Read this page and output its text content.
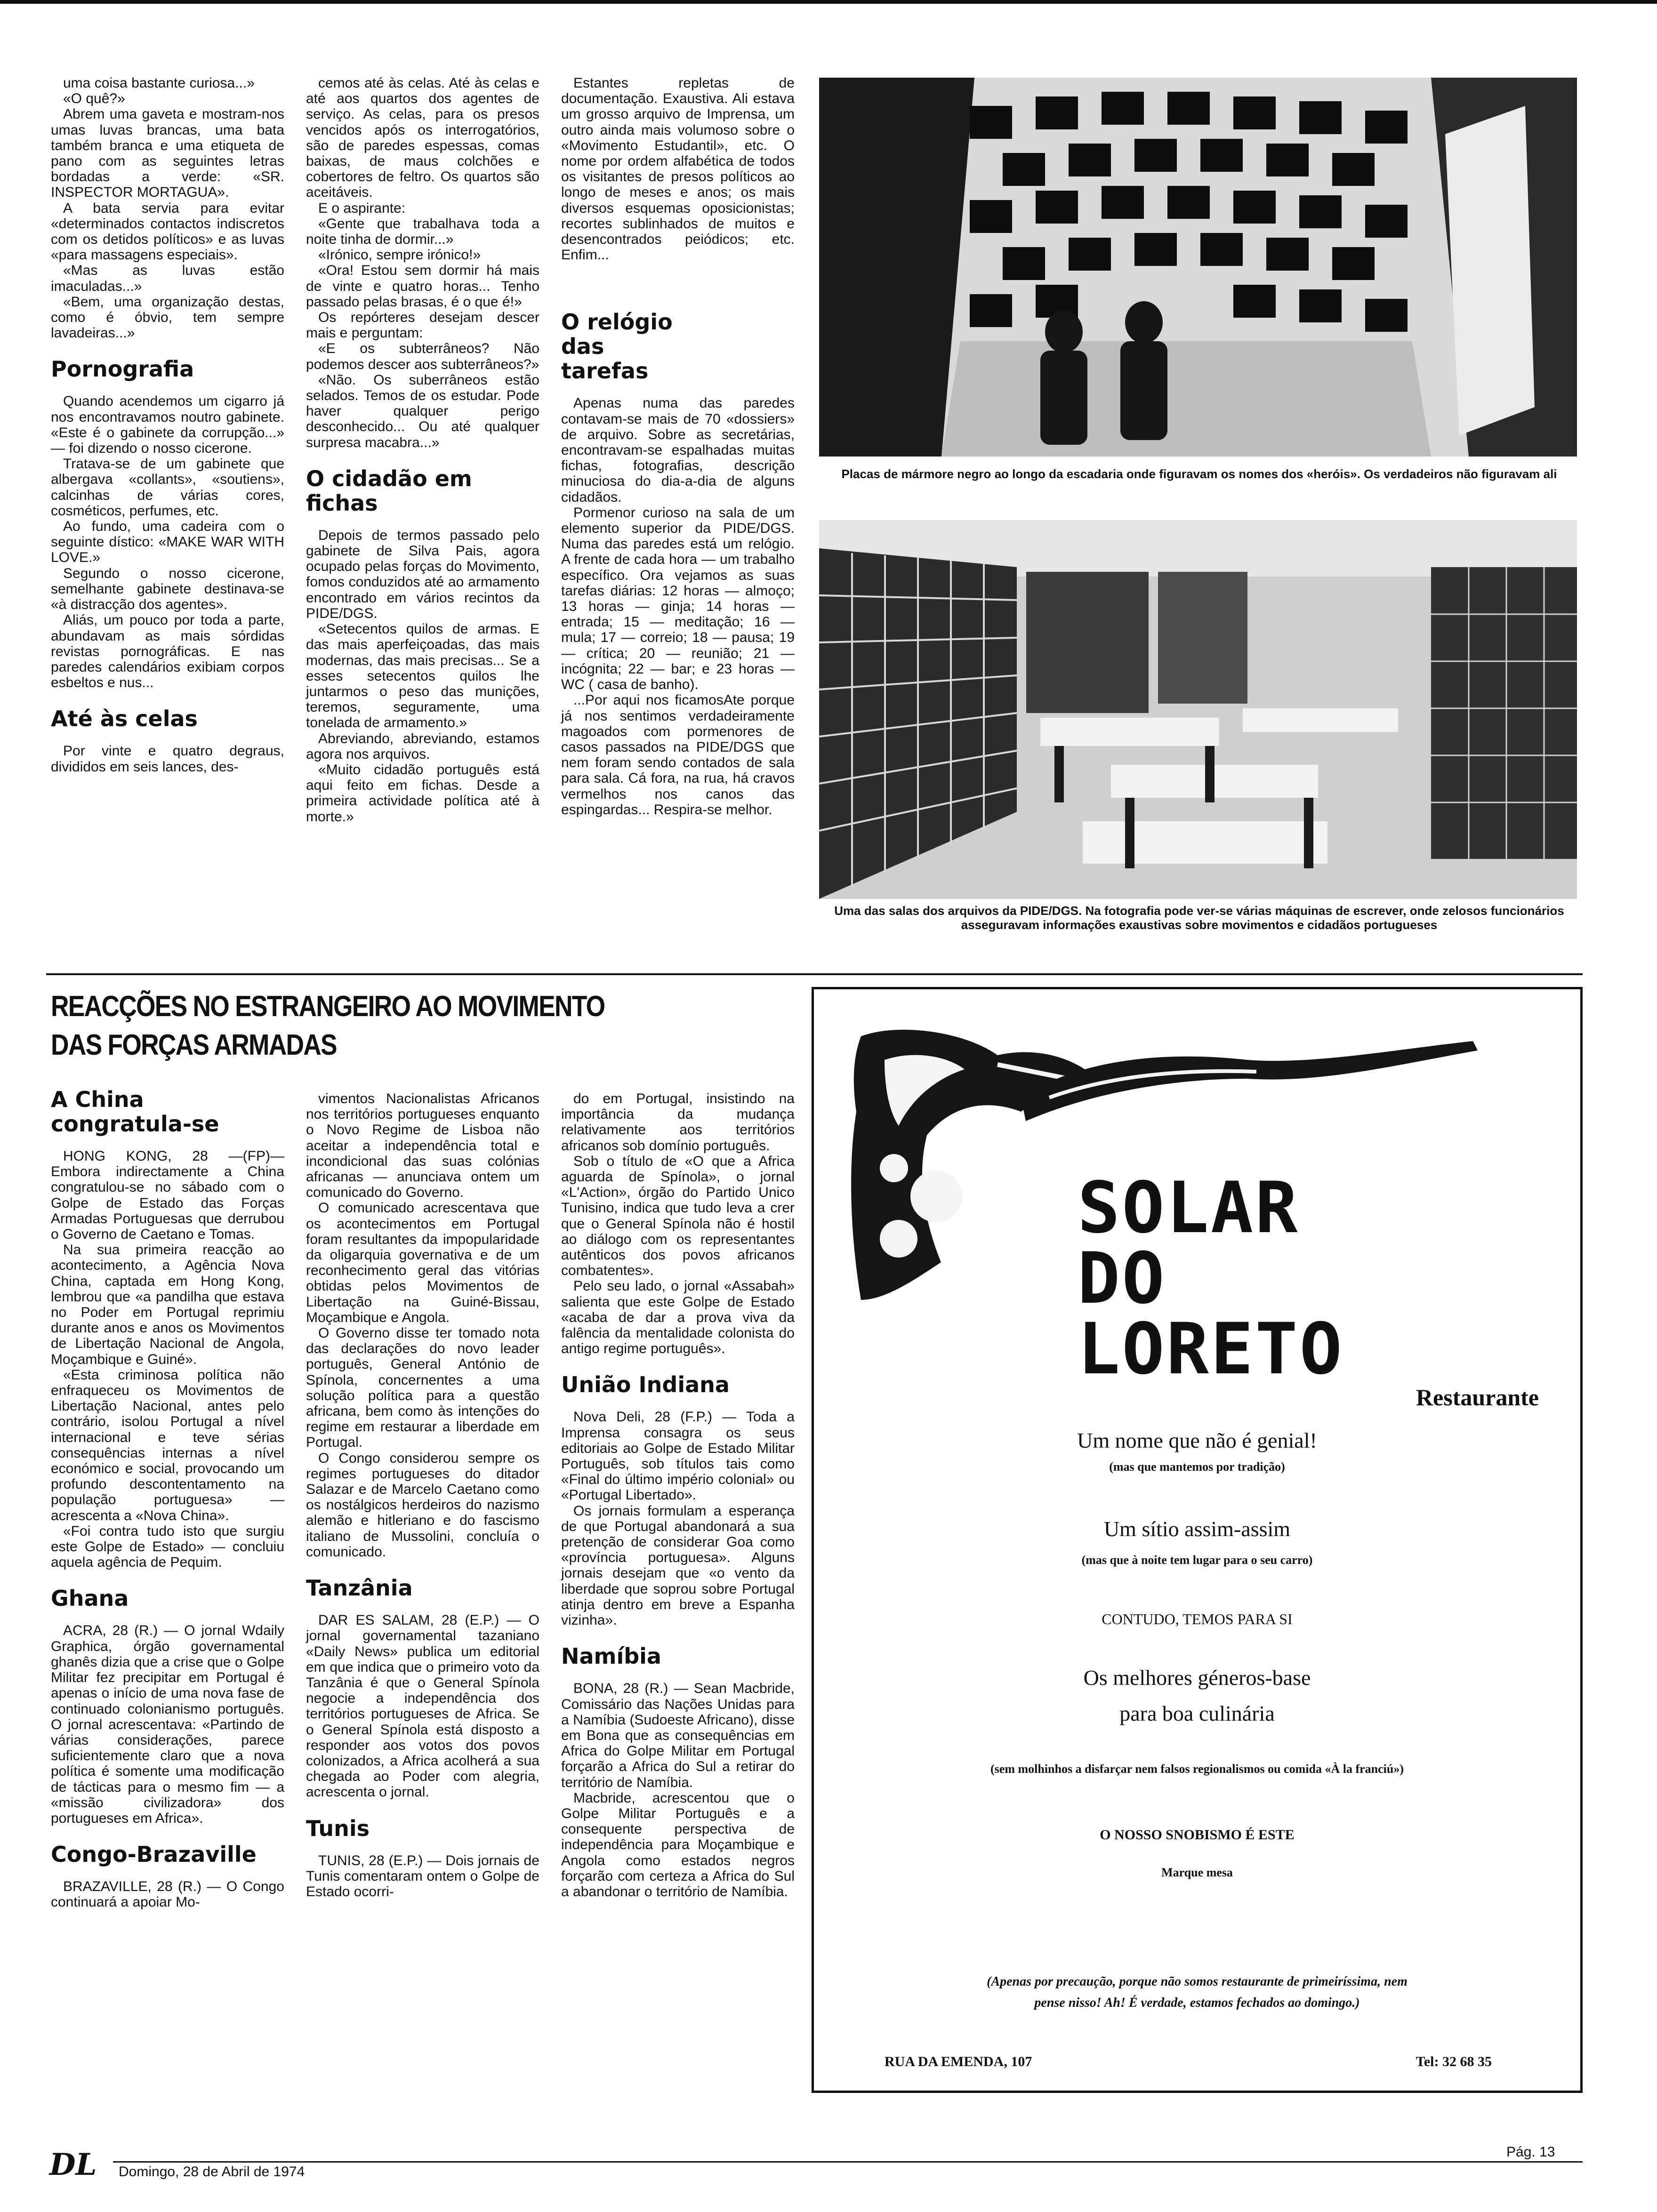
uma coisa bastante curiosa...»

«O quê?»

Abrem uma gaveta e mostram-nos umas luvas brancas, uma bata também branca e uma etiqueta de pano com as seguintes letras bordadas a verde: «SR. INSPECTOR MORTAGUA».

A bata servia para evitar «determinados contactos indiscretos com os detidos políticos» e as luvas «para massagens especiais».

«Mas as luvas estão imaculadas...»

«Bem, uma organização destas, como é óbvio, tem sempre lavadeiras...»

Pornografia

Quando acendemos um cigarro já nos encontravamos noutro gabinete. «Este é o gabinete da corrupção...» — foi dizendo o nosso cicerone.

Tratava-se de um gabinete que albergava «collants», «soutiens», calcinhas de várias cores, cosméticos, perfumes, etc.

Ao fundo, uma cadeira com o seguinte dístico: «MAKE WAR WITH LOVE.»

Segundo o nosso cicerone, semelhante gabinete destinava-se «à distracção dos agentes».

Aliás, um pouco por toda a parte, abundavam as mais sórdidas revistas pornográficas. E nas paredes calendários exibiam corpos esbeltos e nus...

Até às celas

Por vinte e quatro degraus, divididos em seis lances, des-

cemos até às celas. Até às celas e até aos quartos dos agentes de serviço. As celas, para os presos vencidos após os interrogatórios, são de paredes espessas, comas baixas, de maus colchões e cobertores de feltro. Os quartos são aceitáveis.

E o aspirante:

«Gente que trabalhava toda a noite tinha de dormir...»

«Irónico, sempre irónico!»

«Ora! Estou sem dormir há mais de vinte e quatro horas... Tenho passado pelas brasas, é o que é!»

Os repórteres desejam descer mais e perguntam:

«E os subterrâneos? Não podemos descer aos subterrâneos?»

«Não. Os suberrâneos estão selados. Temos de os estudar. Pode haver qualquer perigo desconhecido... Ou até qualquer surpresa macabra...»

O cidadão em fichas

Depois de termos passado pelo gabinete de Silva Pais, agora ocupado pelas forças do Movimento, fomos conduzidos até ao armamento encontrado em vários recintos da PIDE/DGS.

«Setecentos quilos de armas. E das mais aperfeiçoadas, das mais modernas, das mais precisas... Se a esses setecentos quilos lhe juntarmos o peso das munições, teremos, seguramente, uma tonelada de armamento.»

Abreviando, abreviando, estamos agora nos arquivos.

«Muito cidadão português está aqui feito em fichas. Desde a primeira actividade política até à morte.»

Estantes repletas de documentação. Exaustiva. Ali estava um grosso arquivo de Imprensa, um outro ainda mais volumoso sobre o «Movimento Estudantil», etc. O nome por ordem alfabética de todos os visitantes de presos políticos ao longo de meses e anos; os mais diversos esquemas oposicionistas; recortes sublinhados de muitos e desencontrados peiódicos; etc. Enfim...

O relógio das tarefas

Apenas numa das paredes contavam-se mais de 70 «dossiers» de arquivo. Sobre as secretárias, encontravam-se espalhadas muitas fichas, fotografias, descrição minuciosa do dia-a-dia de alguns cidadãos.

Pormenor curioso na sala de um elemento superior da PIDE/DGS. Numa das paredes está um relógio. A frente de cada hora — um trabalho específico. Ora vejamos as suas tarefas diárias: 12 horas — almoço; 13 horas — ginja; 14 horas — entrada; 15 — meditação; 16 — mula; 17 — correio; 18 — pausa; 19 — crítica; 20 — reunião; 21 — incógnita; 22 — bar; e 23 horas — WC ( casa de banho).

...Por aqui nos ficamosAte porque já nos sentimos verdadeiramente magoados com pormenores de casos passados na PIDE/DGS que nem foram sendo contados de sala para sala. Cá fora, na rua, há cravos vermelhos nos canos das espingardas... Respira-se melhor.

Placas de mármore negro ao longo da escadaria onde figuravam os nomes dos «heróis». Os verdadeiros não figuravam ali
Uma das salas dos arquivos da PIDE/DGS. Na fotografia pode ver-se várias máquinas de escrever, onde zelosos funcionários asseguravam informações exaustivas sobre movimentos e cidadãos portugueses
REACÇÕES NO ESTRANGEIRO AO MOVIMENTO
DAS FORÇAS ARMADAS
A China congratula-se

HONG KONG, 28 —(FP)— Embora indirectamente a China congratulou-se no sábado com o Golpe de Estado das Forças Armadas Portuguesas que derrubou o Governo de Caetano e Tomas.

Na sua primeira reacção ao acontecimento, a Agência Nova China, captada em Hong Kong, lembrou que «a pandilha que estava no Poder em Portugal reprimiu durante anos e anos os Movimentos de Libertação Nacional de Angola, Moçambique e Guiné».

«Esta criminosa política não enfraqueceu os Movimentos de Libertação Nacional, antes pelo contrário, isolou Portugal a nível internacional e teve sérias consequências internas a nível económico e social, provocando um profundo descontentamento na população portuguesa» — acrescenta a «Nova China».

«Foi contra tudo isto que surgiu este Golpe de Estado» — concluiu aquela agência de Pequim.

Ghana

ACRA, 28 (R.) — O jornal Wdaily Graphica, órgão governamental ghanês dizia que a crise que o Golpe Militar fez precipitar em Portugal é apenas o início de uma nova fase de continuado colonianismo português. O jornal acrescentava: «Partindo de várias considerações, parece suficientemente claro que a nova política é somente uma modificação de tácticas para o mesmo fim — a «missão civilizadora» dos portugueses em Africa».

Congo-Brazaville

BRAZAVILLE, 28 (R.) — O Congo continuará a apoiar Mo-

vimentos Nacionalistas Africanos nos territórios portugueses enquanto o Novo Regime de Lisboa não aceitar a independência total e incondicional das suas colónias africanas — anunciava ontem um comunicado do Governo.

O comunicado acrescentava que os acontecimentos em Portugal foram resultantes da impopularidade da oligarquia governativa e de um reconhecimento geral das vitórias obtidas pelos Movimentos de Libertação na Guiné-Bissau, Moçambique e Angola.

O Governo disse ter tomado nota das declarações do novo leader português, General António de Spínola, concernentes a uma solução política para a questão africana, bem como às intenções do regime em restaurar a liberdade em Portugal.

O Congo considerou sempre os regimes portugueses do ditador Salazar e de Marcelo Caetano como os nostálgicos herdeiros do nazismo alemão e hitleriano e do fascismo italiano de Mussolini, concluía o comunicado.

Tanzânia

DAR ES SALAM, 28 (E.P.) — O jornal governamental tazaniano «Daily News» publica um editorial em que indica que o primeiro voto da Tanzânia é que o General Spínola negocie a independência dos territórios portugueses de Africa. Se o General Spínola está disposto a responder aos votos dos povos colonizados, a Africa acolherá a sua chegada ao Poder com alegria, acrescenta o jornal.

Tunis

TUNIS, 28 (E.P.) — Dois jornais de Tunis comentaram ontem o Golpe de Estado ocorri-

do em Portugal, insistindo na importância da mudança relativamente aos territórios africanos sob domínio português.

Sob o título de «O que a Africa aguarda de Spínola», o jornal «L'Action», órgão do Partido Unico Tunisino, indica que tudo leva a crer que o General Spínola não é hostil ao diálogo com os representantes autênticos dos povos africanos combatentes».

Pelo seu lado, o jornal «Assabah» salienta que este Golpe de Estado «acaba de dar a prova viva da falência da mentalidade colonista do antigo regime português».

União Indiana

Nova Deli, 28 (F.P.) — Toda a Imprensa consagra os seus editoriais ao Golpe de Estado Militar Português, sob títulos tais como «Final do último império colonial» ou «Portugal Libertado».

Os jornais formulam a esperança de que Portugal abandonará a sua pretenção de considerar Goa como «província portuguesa». Alguns jornais desejam que «o vento da liberdade que soprou sobre Portugal atinja dentro em breve a Espanha vizinha».

Namíbia

BONA, 28 (R.) — Sean Macbride, Comissário das Nações Unidas para a Namíbia (Sudoeste Africano), disse em Bona que as consequências em Africa do Golpe Militar em Portugal forçarão a Africa do Sul a retirar do território de Namíbia.

Macbride, acrescentou que o Golpe Militar Português e a consequente perspectiva de independência para Moçambique e Angola como estados negros forçarão com certeza a Africa do Sul a abandonar o território de Namíbia.

SOLAR
DO
LORETO
Restaurante
Um nome que não é genial!
(mas que mantemos por tradição)
Um sítio assim-assim
(mas que à noite tem lugar para o seu carro)
CONTUDO, TEMOS PARA SI
Os melhores géneros-base
para boa culinária
(sem molhinhos a disfarçar nem falsos regionalismos ou comida «À la franciú»)
O NOSSO SNOBISMO É ESTE
Marque mesa
(Apenas por precaução, porque não somos restaurante de primeiríssima, nem
pense nisso! Ah! É verdade, estamos fechados ao domingo.)
RUA DA EMENDA, 107	Tel: 32 68 35
DL Domingo, 28 de Abril de 1974
Pág. 13
